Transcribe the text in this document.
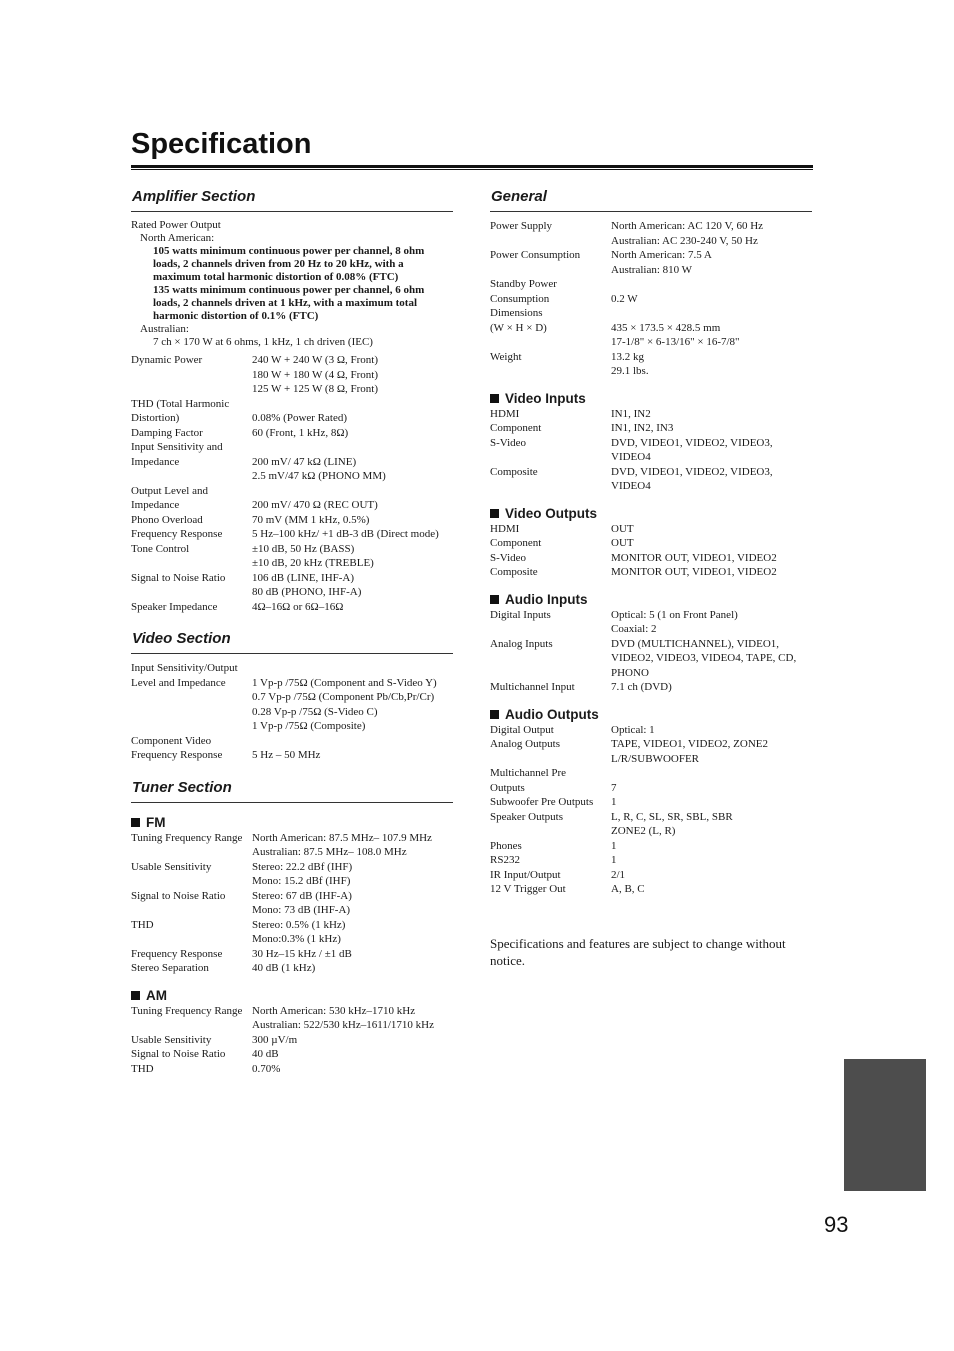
Specification
Amplifier Section
Rated Power Output
North American:
105 watts minimum continuous power per channel, 8 ohm
loads, 2 channels driven from 20 Hz to 20 kHz, with a
maximum total harmonic distortion of 0.08% (FTC)
135 watts minimum continuous power per channel, 6 ohm
loads, 2 channels driven at 1 kHz, with a maximum total
harmonic distortion of 0.1% (FTC)
Australian:
7 ch × 170 W at 6 ohms, 1 kHz, 1 ch driven (IEC)
Dynamic Power	240 W + 240 W (3 Ω, Front)
180 W + 180 W (4 Ω, Front)
125 W + 125 W (8 Ω, Front)
THD (Total Harmonic
Distortion)
	0.08% (Power Rated)
Damping Factor	60 (Front, 1 kHz, 8Ω)
Input Sensitivity and
Impedance
	200 mV/ 47 kΩ (LINE)
2.5 mV/47 kΩ (PHONO MM)
Output Level and
Impedance
	200 mV/ 470 Ω (REC OUT)
Phono Overload	70 mV (MM 1 kHz, 0.5%)
Frequency Response	5 Hz–100 kHz/ +1 dB-3 dB (Direct mode)
Tone Control	±10 dB, 50 Hz (BASS)
±10 dB, 20 kHz (TREBLE)
Signal to Noise Ratio	106 dB (LINE, IHF-A)
80 dB (PHONO, IHF-A)
Speaker Impedance	4Ω–16Ω or 6Ω–16Ω
Video Section
Input Sensitivity/Output
Level and Impedance
	1 Vp-p /75Ω (Component and S-Video Y)
0.7 Vp-p /75Ω (Component Pb/Cb,Pr/Cr)
0.28 Vp-p /75Ω (S-Video C)
1 Vp-p /75Ω (Composite)
Component Video
Frequency Response
	5 Hz – 50 MHz
Tuner Section
FM
Tuning Frequency Range North American: 87.5 MHz– 107.9 MHz
Australian: 87.5 MHz– 108.0 MHz
Usable Sensitivity	Stereo: 22.2 dBf (IHF)
Mono: 15.2 dBf (IHF)
Signal to Noise Ratio	Stereo: 67 dB (IHF-A)
Mono: 73 dB (IHF-A)
THD	Stereo: 0.5% (1 kHz)
Mono:0.3% (1 kHz)
Frequency Response	30 Hz–15 kHz / ±1 dB
Stereo Separation	40 dB (1 kHz)
AM
Tuning Frequency Range North American: 530 kHz–1710 kHz
Australian: 522/530 kHz–1611/1710 kHz
Usable Sensitivity	300 µV/m
Signal to Noise Ratio	40 dB
THD	0.70%
General
Power Supply	North American: AC 120 V, 60 Hz
Australian: AC 230-240 V, 50 Hz
Power Consumption	North American: 7.5 A
Australian: 810 W
Standby Power
Consumption
	0.2 W
Dimensions
(W × H × D)
	435 × 173.5 × 428.5 mm
17-1/8" × 6-13/16" × 16-7/8"
Weight	13.2 kg
29.1 lbs.
Video Inputs
HDMI	IN1, IN2
Component	IN1, IN2, IN3
S-Video	DVD, VIDEO1, VIDEO2, VIDEO3,
VIDEO4
Composite	DVD, VIDEO1, VIDEO2, VIDEO3,
VIDEO4
Video Outputs
HDMI	OUT
Component	OUT
S-Video	MONITOR OUT, VIDEO1, VIDEO2
Composite	MONITOR OUT, VIDEO1, VIDEO2
Audio Inputs
Digital Inputs	Optical: 5 (1 on Front Panel)
Coaxial: 2
Analog Inputs	DVD (MULTICHANNEL), VIDEO1,
VIDEO2, VIDEO3, VIDEO4, TAPE, CD,
PHONO
Multichannel Input	7.1 ch (DVD)
Audio Outputs
Digital Output	Optical: 1
Analog Outputs	TAPE, VIDEO1, VIDEO2, ZONE2
L/R/SUBWOOFER
Multichannel Pre
Outputs
	7
Subwoofer Pre Outputs	1
Speaker Outputs	L, R, C, SL, SR, SBL, SBR
ZONE2 (L, R)
Phones	1
RS232	1
IR Input/Output	2/1
12 V Trigger Out	A, B, C
Specifications and features are subject to change without notice.
93
